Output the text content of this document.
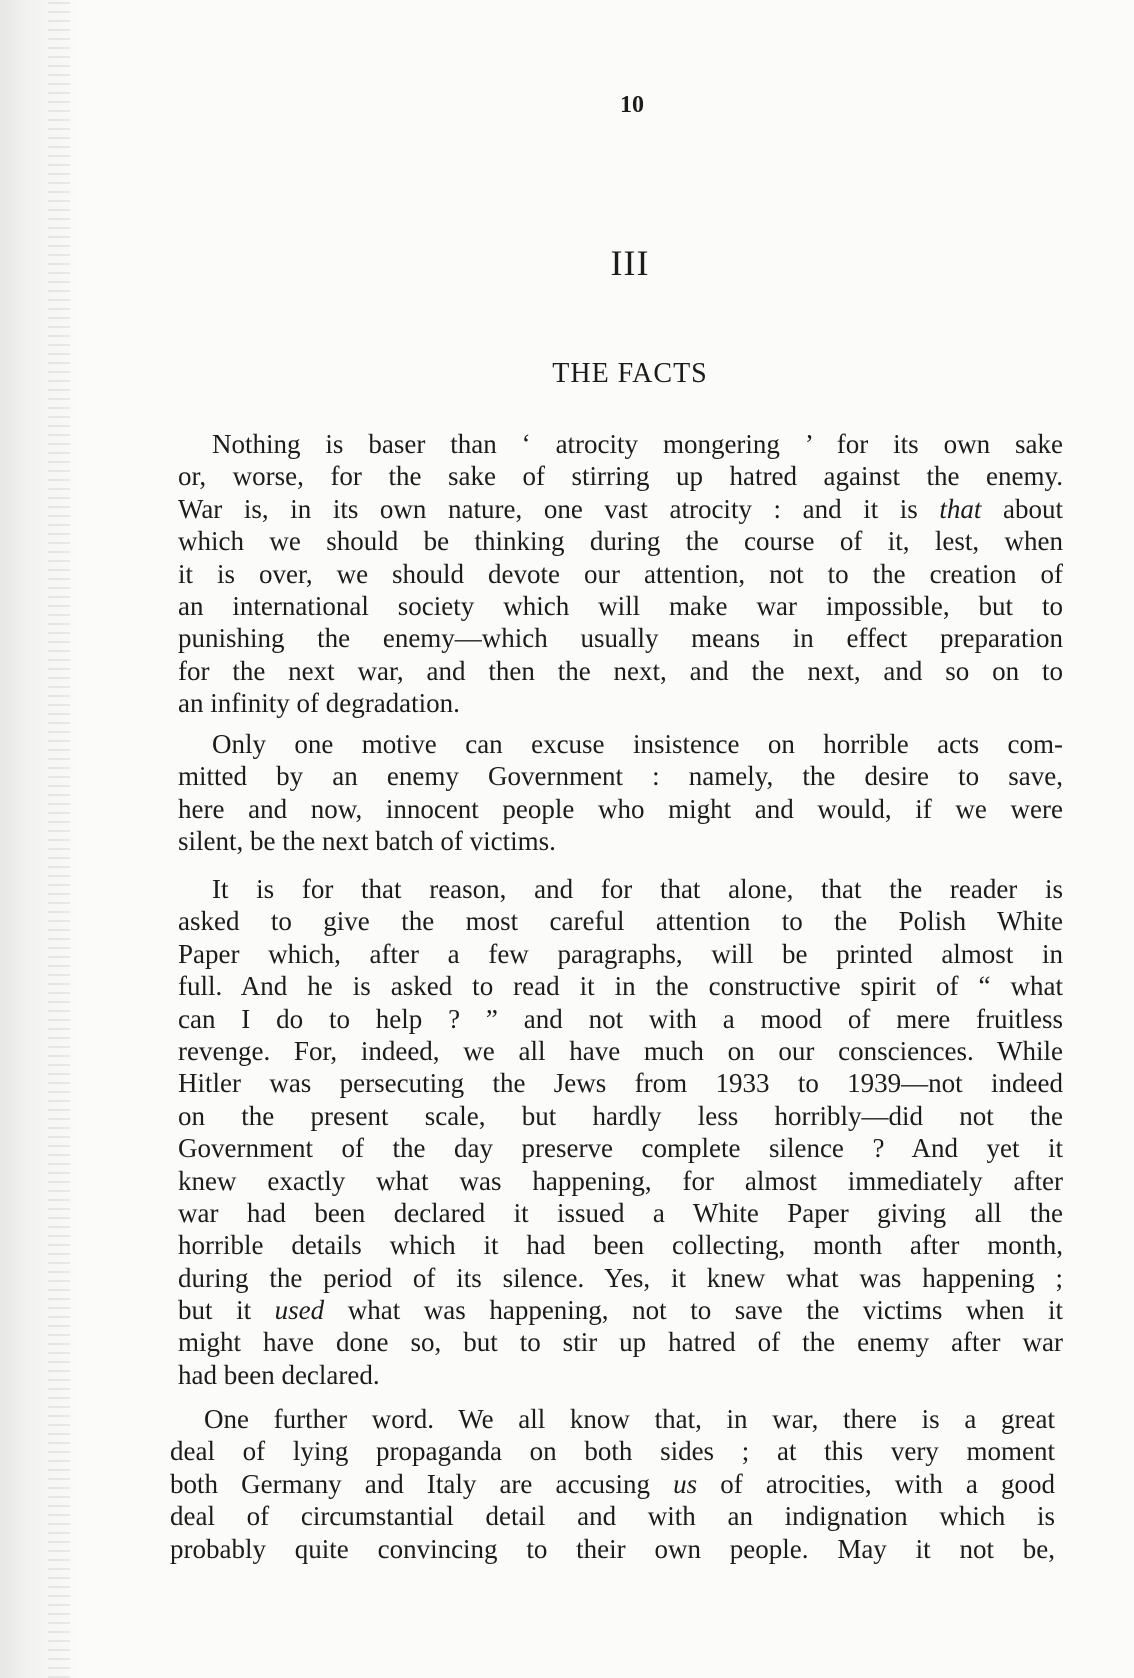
10
III
THE FACTS
Nothing is baser than ‘ atrocity mongering ’ for its own sake
or, worse, for the sake of stirring up hatred against the enemy.
War is, in its own nature, one vast atrocity : and it is that about
which we should be thinking during the course of it, lest, when
it is over, we should devote our attention, not to the creation of
an international society which will make war impossible, but to
punishing the enemy—which usually means in effect preparation
for the next war, and then the next, and the next, and so on to
an infinity of degradation.
Only one motive can excuse insistence on horrible acts com-
mitted by an enemy Government : namely, the desire to save,
here and now, innocent people who might and would, if we were
silent, be the next batch of victims.
It is for that reason, and for that alone, that the reader is
asked to give the most careful attention to the Polish White
Paper which, after a few paragraphs, will be printed almost in
full. And he is asked to read it in the constructive spirit of “ what
can I do to help ? ” and not with a mood of mere fruitless
revenge. For, indeed, we all have much on our consciences. While
Hitler was persecuting the Jews from 1933 to 1939—not indeed
on the present scale, but hardly less horribly—did not the
Government of the day preserve complete silence ? And yet it
knew exactly what was happening, for almost immediately after
war had been declared it issued a White Paper giving all the
horrible details which it had been collecting, month after month,
during the period of its silence. Yes, it knew what was happening ;
but it used what was happening, not to save the victims when it
might have done so, but to stir up hatred of the enemy after war
had been declared.
One further word. We all know that, in war, there is a great
deal of lying propaganda on both sides ; at this very moment
both Germany and Italy are accusing us of atrocities, with a good
deal of circumstantial detail and with an indignation which is
probably quite convincing to their own people. May it not be,
